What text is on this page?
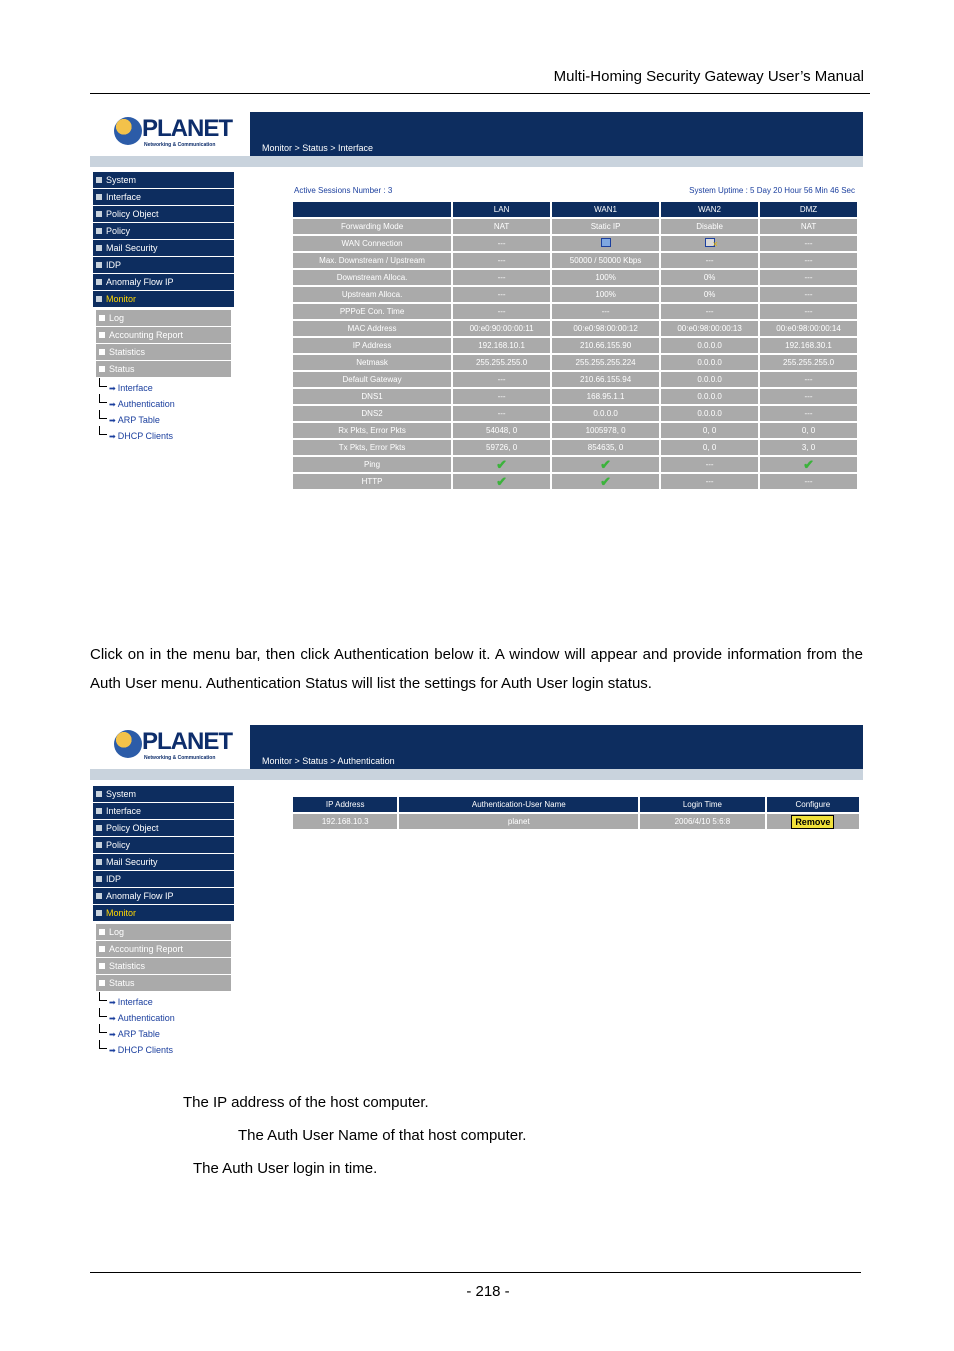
Multi-Homing Security Gateway User’s Manual
PLANET
Networking & Communication	Monitor > Status > Interface
System
Interface
Policy Object
Policy
Mail Security
IDP
Anomaly Flow IP
Monitor
Log
Accounting Report
Statistics
Status
➡ Interface
➡ Authentication
➡ ARP Table
➡ DHCP Clients
Active Sessions Number : 3	System Uptime : 5 Day 20 Hour 56 Min 46 Sec
	LAN	WAN1	WAN2	DMZ
Forwarding Mode	NAT	Static IP	Disable	NAT
WAN Connection	---		×	---
Max. Downstream / Upstream	---	50000 / 50000 Kbps	---	---
Downstream Alloca.	---	100%	0%	---
Upstream Alloca.	---	100%	0%	---
PPPoE Con. Time	---	---	---	---
MAC Address	00:e0:90:00:00:11	00:e0:98:00:00:12	00:e0:98:00:00:13	00:e0:98:00:00:14
IP Address	192.168.10.1	210.66.155.90	0.0.0.0	192.168.30.1
Netmask	255.255.255.0	255.255.255.224	0.0.0.0	255.255.255.0
Default Gateway	---	210.66.155.94	0.0.0.0	---
DNS1	---	168.95.1.1	0.0.0.0	---
DNS2	---	0.0.0.0	0.0.0.0	---
Rx Pkts, Error Pkts	54048, 0	1005978, 0	0, 0	0, 0
Tx Pkts, Error Pkts	59726, 0	854635, 0	0, 0	3, 0
Ping	✔	✔	---	✔
HTTP	✔	✔	---	---
Click on in the menu bar, then click Authentication below it. A window will appear and provide information from the Auth User menu. Authentication Status will list the settings for Auth User login status.
PLANET
Networking & Communication	Monitor > Status > Authentication
System
Interface
Policy Object
Policy
Mail Security
IDP
Anomaly Flow IP
Monitor
Log
Accounting Report
Statistics
Status
➡ Interface
➡ Authentication
➡ ARP Table
➡ DHCP Clients
IP Address	Authentication-User Name	Login Time	Configure
192.168.10.3	planet	2006/4/10 5:6:8	Remove
The IP address of the host computer.
The Auth User Name of that host computer.
The Auth User login in time.
- 218 -
